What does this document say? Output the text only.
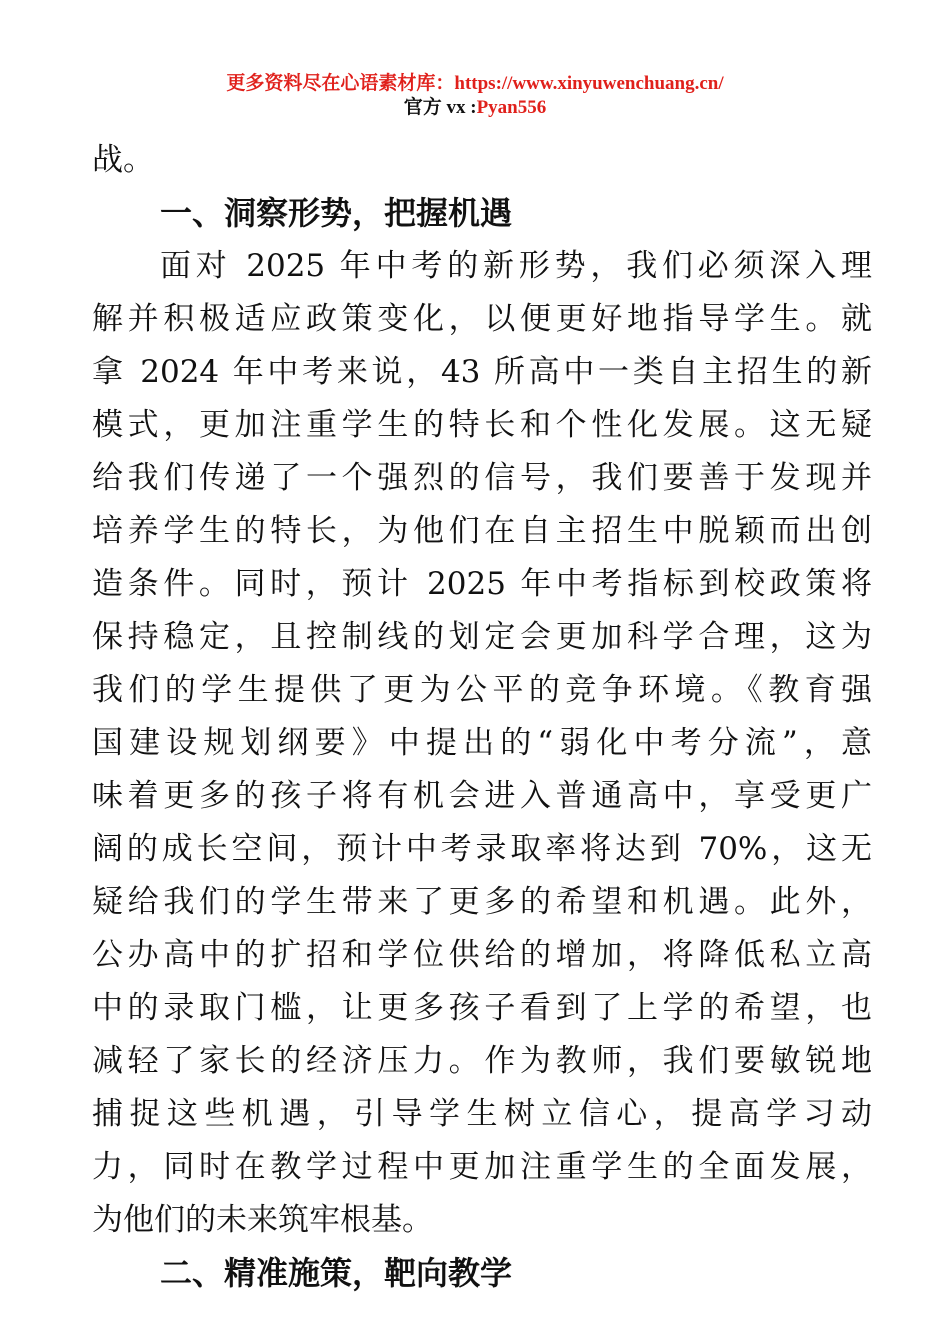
更多资料尽在心语素材库：https://www.xinyuwenchuang.cn/
官方 vx :Pyan556
战。
一、洞察形势，把握机遇
面对 2025 年中考的新形势，我们必须深入理
解并积极适应政策变化，以便更好地指导学生。就
拿 2024 年中考来说，43 所高中一类自主招生的新
模式，更加注重学生的特长和个性化发展。这无疑
给我们传递了一个强烈的信号，我们要善于发现并
培养学生的特长，为他们在自主招生中脱颖而出创
造条件。同时，预计 2025 年中考指标到校政策将
保持稳定，且控制线的划定会更加科学合理，这为
我们的学生提供了更为公平的竞争环境。《教育强
国建设规划纲要》中提出的“弱化中考分流”，意
味着更多的孩子将有机会进入普通高中，享受更广
阔的成长空间，预计中考录取率将达到 70%，这无
疑给我们的学生带来了更多的希望和机遇。此外，
公办高中的扩招和学位供给的增加，将降低私立高
中的录取门槛，让更多孩子看到了上学的希望，也
减轻了家长的经济压力。作为教师，我们要敏锐地
捕捉这些机遇，引导学生树立信心，提高学习动
力，同时在教学过程中更加注重学生的全面发展，
为他们的未来筑牢根基。
二、精准施策，靶向教学
